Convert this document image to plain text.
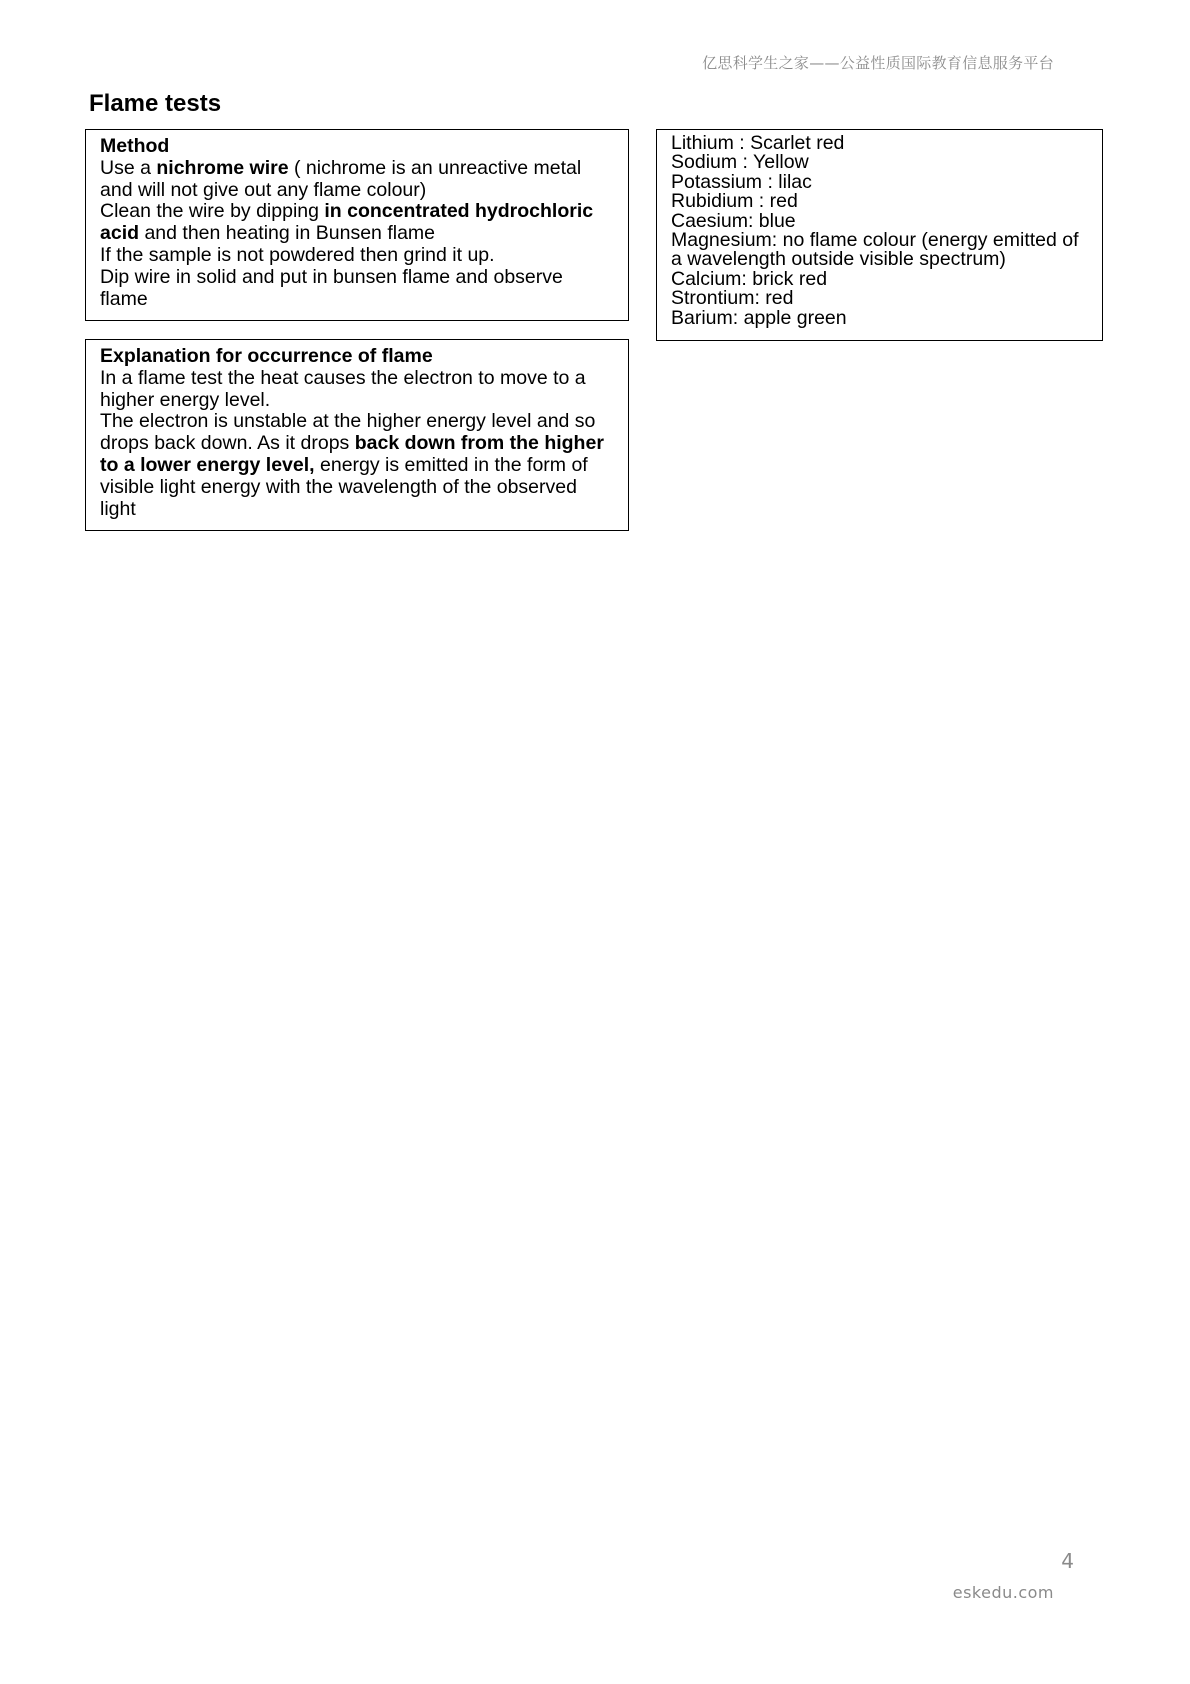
亿思科学生之家——公益性质国际教育信息服务平台
Flame tests

Method

Use a nichrome wire ( nichrome is an unreactive metal and will not give out any flame colour)

Clean the wire by dipping in concentrated hydrochloric acid and then heating in Bunsen flame

If the sample is not powdered then grind it up.

Dip wire in solid and put in bunsen flame and observe flame

Explanation for occurrence of flame

In a flame test the heat causes the electron to move to a higher energy level.

The electron is unstable at the higher energy level and so drops back down. As it drops back down from the higher to a lower energy level, energy is emitted in the form of visible light energy with the wavelength of the observed light

Lithium : Scarlet red
Sodium : Yellow
Potassium : lilac
Rubidium : red
Caesium: blue
Magnesium: no flame colour (energy emitted of a wavelength outside visible spectrum)
Calcium: brick red
Strontium: red
Barium: apple green
4
eskedu.com
